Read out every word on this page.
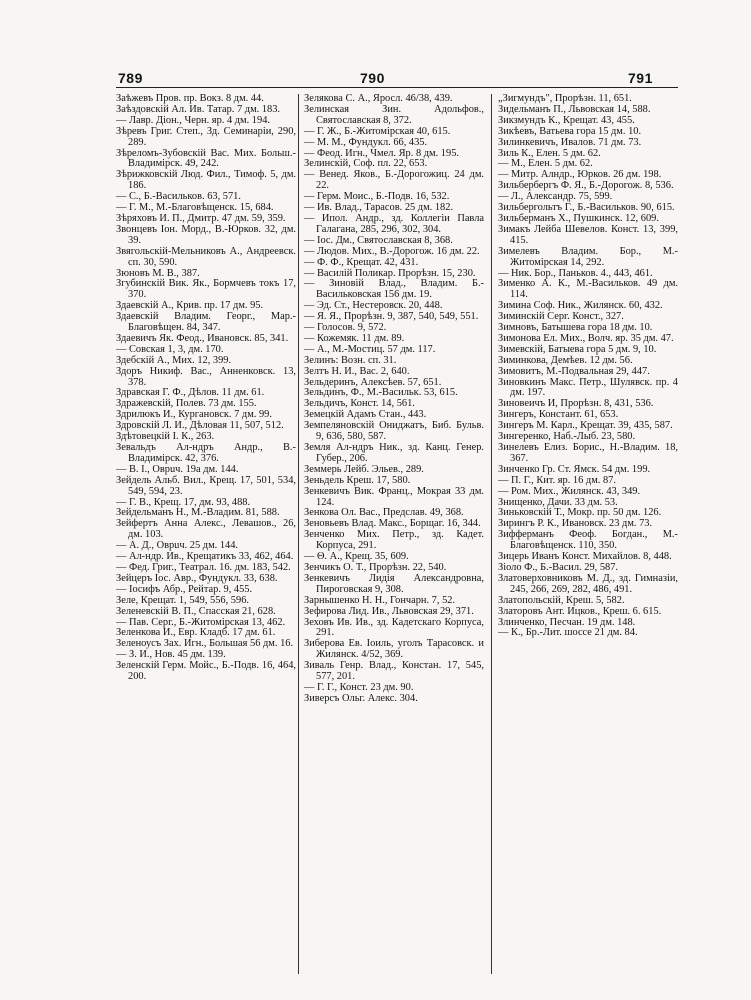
789	790	791
Заѣжевъ Пров. пр. Вокз. 8 дм. 44.
Заѣздовскій Ал. Ив. Татар. 7 дм. 183.
— Лавр. Діон., Черн. яр. 4 дм. 194.
Зѣревъ Григ. Степ., Зд. Семинаріи, 290, 289.
Зѣреломъ-Зубовскій Вас. Мих. Больш.-Владимірск. 49, 242.
Зѣрижковскій Люд. Фил., Тимоф. 5, дм. 186.
— С., Б.-Васильков. 63, 571.
— Г. М., М.-Благовѣщенск. 15, 684.
Зѣряховъ И. П., Дмитр. 47 дм. 59, 359.
Звонцевъ Іон. Морд., В.-Юрков. 32, дм. 39.
Звягольскій-Мельниковъ А., Андреевск. сп. 30, 590.
Зюновъ М. В., 387.
Згубинскій Вик. Як., Бормчевъ токъ 17, 370.
Здаевскій А., Крив. пр. 17 дм. 95.
Здаевскій Владим. Георг., Мар.-Благовѣщен. 84, 347.
Здаевичъ Як. Феод., Ивановск. 85, 341.
— Совская 1, 3, дм. 170.
Здебскій А., Мих. 12, 399.
Здоръ Никиф. Вас., Анненковск. 13, 378.
Здравская Г. Ф., Дѣлов. 11 дм. 61.
Здражевскій, Полев. 73 дм. 155.
Здрилюкъ И., Кургановск. 7 дм. 99.
Здровскій Л. И., Дѣловая 11, 507, 512.
Здѣтовецкій І. К., 263.
Зевальдъ Ал-ндръ Андр., В.-Владимірск. 42, 376.
— В. І., Оврuч. 19а дм. 144.
Зейдель Альб. Вил., Крещ. 17, 501, 534, 549, 594, 23.
— Г. В., Крещ. 17, дм. 93, 488.
Зейдельманъ Н., М.-Владим. 81, 588.
Зейфертъ Анна Алекс., Левашов., 26, дм. 103.
— А. Д., Оврuч. 25 дм. 144.
— Ал-ндр. Ив., Крещатикъ 33, 462, 464.
— Фед. Григ., Театрал. 16. дм. 183, 542.
Зейцеръ Іос. Авр., Фундукл. 33, 638.
— Іосифъ Абр., Рейтар. 9, 455.
Зеле, Крещат. 1, 549, 556, 596.
Зеленевскій В. П., Спасская 21, 628.
— Пав. Серг., Б.-Житомірская 13, 462.
Зеленкова И., Евр. Кладб. 17 дм. 61.
Зеленоусъ Зах. Игн., Большая 56 дм. 16.
— З. И., Нов. 45 дм. 139.
Зеленскій Герм. Мойс., Б.-Подв. 16, 464, 200.
Зелякова С. А., Яросл. 46/38, 439.
Зелинская Зин. Адольфов., Святославская 8, 372.
— Г. Ж., Б.-Житомірская 40, 615.
— М. М., Фундукл. 66, 435.
— Феод. Игн., Чмел. Яр. 8 дм. 195.
Зелинскій, Соф. пл. 22, 653.
— Венед. Яков., Б.-Дорогожиц. 24 дм. 22.
— Герм. Моис., Б.-Подв. 16, 532.
— Ив. Влад., Тарасов. 25 дм. 182.
— Ипол. Андр., зд. Коллегіи Павла Галагана, 285, 296, 302, 304.
— Іос. Дм., Святославская 8, 368.
— Людов. Мих., В.-Дорогож. 16 дм. 22.
— Ф. Ф., Крещат. 42, 431.
— Василій Поликар. Прорѣзн. 15, 230.
— Зиновій Влад., Владим. Б.-Васильковская 156 дм. 19.
— Эд. Ст., Нестеровск. 20, 448.
— Я. Я., Прорѣзн. 9, 387, 540, 549, 551.
— Голосов. 9, 572.
— Кожемяк. 11 дм. 89.
— А., М.-Мостиц. 57 дм. 117.
Зелинъ: Возн. сп. 31.
Зелтъ Н. И., Вас. 2, 640.
Зельдеринъ, Алексѣев. 57, 651.
Зельдинъ, Ф., М.-Васильк. 53, 615.
Зельдичъ, Конст. 14, 561.
Земецкій Адамъ Стан., 443.
Земпеляновскій Ониджатъ, Биб. Бульв. 9, 636, 580, 587.
Земля Ал-ндръ Ник., зд. Канц. Генер. Губер., 206.
Земмерь Лейб. Эльев., 289.
Зеньдель Креш. 17, 580.
Зенкевичъ Вик. Франц., Мокрая 33 дм. 124.
Зенкова Ол. Вас., Предслав. 49, 368.
Зеновьевъ Влад. Макс., Борщаг. 16, 344.
Зенченко Мих. Петр., зд. Кадет. Корпуса, 291.
— Θ. А., Крещ. 35, 609.
Зенчикъ О. Т., Прорѣзн. 22, 540.
Зенкевичъ Лидія Александровна, Пироговская 9, 308.
Зарнышенко Н. Н., Гончарн. 7, 52.
Зефирова Лид. Ив., Львовская 29, 371.
Зеховъ Ив. Ив., зд. Кадетскаго Корпуса, 291.
Зиберова Ев. Іоиль, уголъ Тарасовск. и Жилянск. 4/52, 369.
Зиваль Генр. Влад., Констан. 17, 545, 577, 201.
— Г. Г., Конст. 23 дм. 90.
Зиверсъ Ольг. Алекс. 304.
„Зигмундъ", Прорѣзн. 11, 651.
Зидельманъ П., Львовская 14, 588.
Зикзмундъ К., Крещат. 43, 455.
Зикѣевъ, Ватьева гора 15 дм. 10.
Зилинкевичъ, Ивалов. 71 дм. 73.
Зиль К., Елен. 5 дм. 62.
— М., Елен. 5 дм. 62.
— Митр. Алндр., Юрков. 26 дм. 198.
Зильбербергъ Ф. Я., Б.-Дорогож. 8, 536.
— Л., Александр. 75, 599.
Зильбергольтъ Г., Б.-Васильков. 90, 615.
Зильберманъ Х., Пушкинск. 12, 609.
Зимакъ Лейба Шевелов. Конст. 13, 399, 415.
Зимелевъ Владим. Бор., М.-Житомірская 14, 292.
— Ник. Бор., Паньков. 4., 443, 461.
Зименко А. К., М.-Васильков. 49 дм. 114.
Зимина Соф. Ник., Жилянск. 60, 432.
Зиминскій Серг. Конст., 327.
Зимновъ, Батышева гора 18 дм. 10.
Зимонова Ел. Мих., Волч. яр. 35 дм. 47.
Зимевскій, Батыева гора 5 дм. 9, 10.
Зиминкова, Демѣев. 12 дм. 56.
Зимовитъ, М.-Подвальная 29, 447.
Зиновкинъ Макс. Петр., Шулявск. пр. 4 дм. 197.
Зиновеичъ И, Прорѣзн. 8, 431, 536.
Зингеръ, Констант. 61, 653.
Зингеръ М. Карл., Крещат. 39, 435, 587.
Зингеренко, Наб.-Лыб. 23, 580.
Зинелевъ Елиз. Борис., Н.-Владим. 18, 367.
Зинченко Гр. Ст. Ямск. 54 дм. 199.
— П. Г., Кит. яр. 16 дм. 87.
— Ром. Мих., Жилянск. 43, 349.
Знищенко, Дачи. 33 дм. 53.
Зиньковскій Т., Мокр. пр. 50 дм. 126.
Зирингъ Р. К., Ивановск. 23 дм. 73.
Зифферманъ Феоф. Богдан., М.-Благовѣщенск. 110, 350.
Зицерь Иванъ Конст. Михайлов. 8, 448.
Зіоло Ф., Б.-Васил. 29, 587.
Златоверховниковъ М. Д., зд. Гимназіи, 245, 266, 269, 282, 486, 491.
Златопольскій, Креш. 5, 582.
Златоровъ Ант. Ицков., Креш. 6. 615.
Злинченко, Песчан. 19 дм. 148.
— К., Бр.-Лит. шоссе 21 дм. 84.
